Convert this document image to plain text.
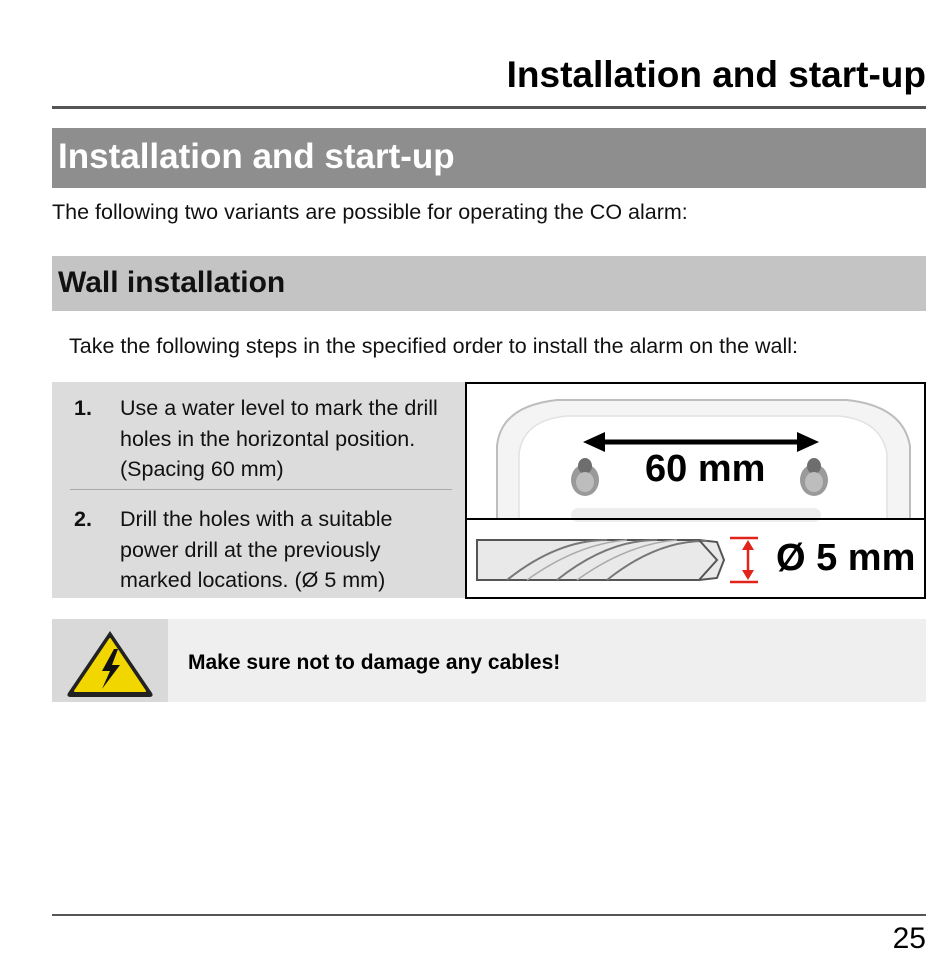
Installation and start-up
Installation and start-up
The following two variants are possible for operating the CO alarm:
Wall installation
Take the following steps in the specified order to install the alarm on the wall:
1. Use a water level to mark the drill holes in the horizontal position. (Spacing 60 mm)
2. Drill the holes with a suitable power drill at the previously marked locations. (Ø 5 mm)
60 mm
Ø 5 mm
Make sure not to damage any cables!
25
